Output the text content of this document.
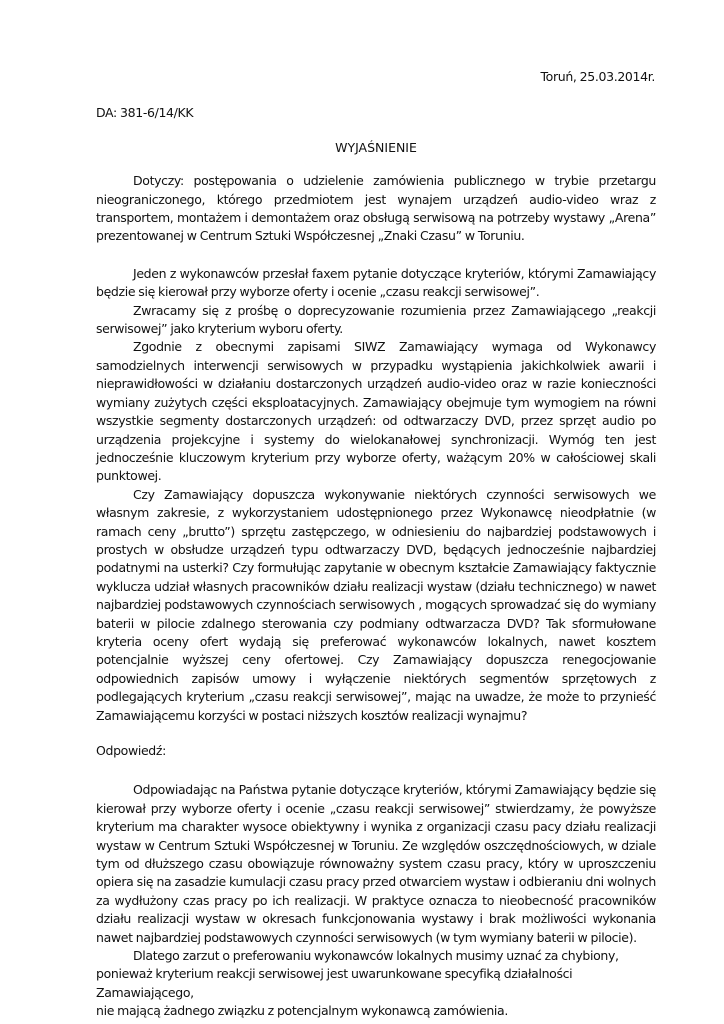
Toruń, 25.03.2014r.
DA: 381-6/14/KK
WYJAŚNIENIE

Dotyczy: postępowania o udzielenie zamówienia publicznego w trybie przetargu nieograniczonego, którego przedmiotem jest wynajem urządzeń audio-video wraz z transportem, montażem i demontażem oraz obsługą serwisową na potrzeby wystawy „Arena” prezentowanej w Centrum Sztuki Współczesnej „Znaki Czasu” w Toruniu.

Jeden z wykonawców przesłał faxem pytanie dotyczące kryteriów, którymi Zamawiający będzie się kierował przy wyborze oferty i ocenie „czasu reakcji serwisowej”.

Zwracamy się z prośbę o doprecyzowanie rozumienia przez Zamawiającego „reakcji serwisowej” jako kryterium wyboru oferty.

Zgodnie z obecnymi zapisami SIWZ Zamawiający wymaga od Wykonawcy samodzielnych interwencji serwisowych w przypadku wystąpienia jakichkolwiek awarii i nieprawidłowości w działaniu dostarczonych urządzeń audio-video oraz w razie konieczności wymiany zużytych części eksploatacyjnych. Zamawiający obejmuje tym wymogiem na równi wszystkie segmenty dostarczonych urządzeń: od odtwarzaczy DVD, przez sprzęt audio po urządzenia projekcyjne i systemy do wielokanałowej synchronizacji. Wymóg ten jest jednocześnie kluczowym kryterium przy wyborze oferty, ważącym 20% w całościowej skali punktowej.

Czy Zamawiający dopuszcza wykonywanie niektórych czynności serwisowych we własnym zakresie, z wykorzystaniem udostępnionego przez Wykonawcę nieodpłatnie (w ramach ceny „brutto”) sprzętu zastępczego, w odniesieniu do najbardziej podstawowych i prostych w obsłudze urządzeń typu odtwarzaczy DVD, będących jednocześnie najbardziej podatnymi na usterki? Czy formułując zapytanie w obecnym kształcie Zamawiający faktycznie wyklucza udział własnych pracowników działu realizacji wystaw (działu technicznego) w nawet najbardziej podstawowych czynnościach serwisowych , mogących sprowadzać się do wymiany baterii w pilocie zdalnego sterowania czy podmiany odtwarzacza DVD? Tak sformułowane kryteria oceny ofert wydają się preferować wykonawców lokalnych, nawet kosztem potencjalnie wyższej ceny ofertowej. Czy Zamawiający dopuszcza renegocjowanie odpowiednich zapisów umowy i wyłączenie niektórych segmentów sprzętowych z podlegających kryterium „czasu reakcji serwisowej”, mając na uwadze, że może to przynieść Zamawiającemu korzyści w postaci niższych kosztów realizacji wynajmu?

Odpowiedź:

Odpowiadając na Państwa pytanie dotyczące kryteriów, którymi Zamawiający będzie się kierował przy wyborze oferty i ocenie „czasu reakcji serwisowej” stwierdzamy, że powyższe kryterium ma charakter wysoce obiektywny i wynika z organizacji czasu pacy działu realizacji wystaw w Centrum Sztuki Współczesnej w Toruniu. Ze względów oszczędnościowych, w dziale tym od dłuższego czasu obowiązuje równoważny system czasu pracy, który w uproszczeniu opiera się na zasadzie kumulacji czasu pracy przed otwarciem wystaw i odbieraniu dni wolnych za wydłużony czas pracy po ich realizacji. W praktyce oznacza to nieobecność pracowników działu realizacji wystaw w okresach funkcjonowania wystawy i brak możliwości wykonania nawet najbardziej podstawowych czynności serwisowych (w tym wymiany baterii w pilocie).

Dlatego zarzut o preferowaniu wykonawców lokalnych musimy uznać za chybiony,

ponieważ kryterium reakcji serwisowej jest uwarunkowane specyfiką działalności Zamawiającego,

nie mającą żadnego związku z potencjalnym wykonawcą zamówienia.
